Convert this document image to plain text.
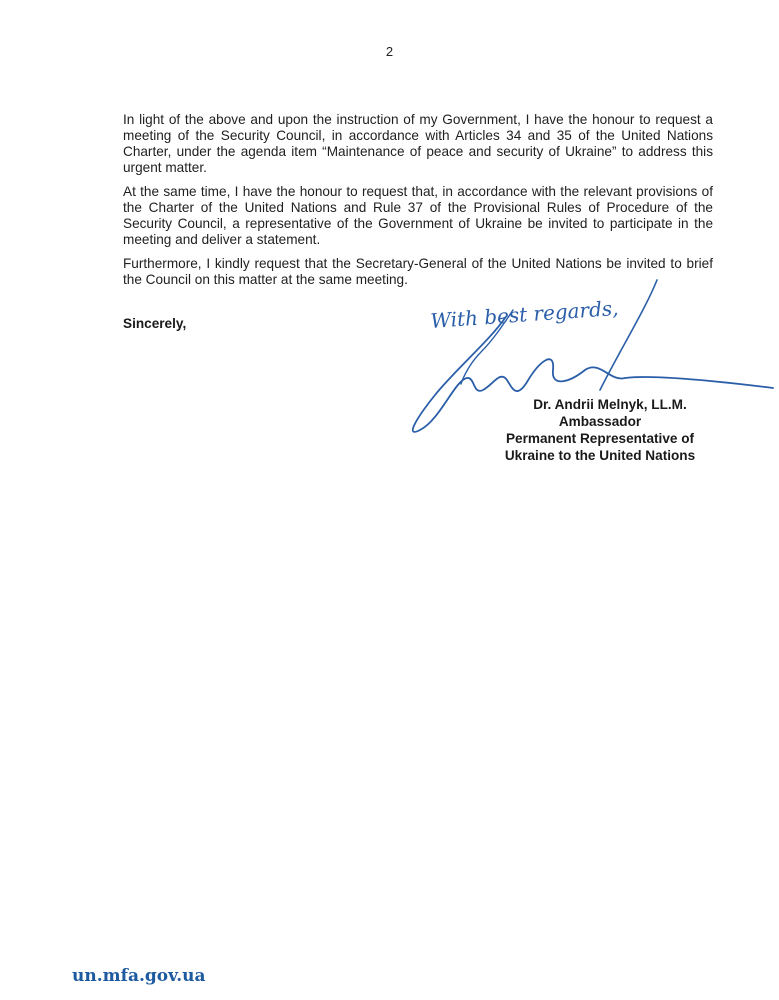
2

In light of the above and upon the instruction of my Government, I have the honour to request a meeting of the Security Council, in accordance with Articles 34 and 35 of the United Nations Charter, under the agenda item “Maintenance of peace and security of Ukraine” to address this urgent matter.

At the same time, I have the honour to request that, in accordance with the relevant provisions of the Charter of the United Nations and Rule 37 of the Provisional Rules of Procedure of the Security Council, a representative of the Government of Ukraine be invited to participate in the meeting and deliver a statement.

Furthermore, I kindly request that the Secretary-General of the United Nations be invited to brief the Council on this matter at the same meeting.

Sincerely,	With best regards,
Dr. Andrii Melnyk, LL.M.
Ambassador
Permanent Representative of
Ukraine to the United Nations
un.mfa.gov.ua
